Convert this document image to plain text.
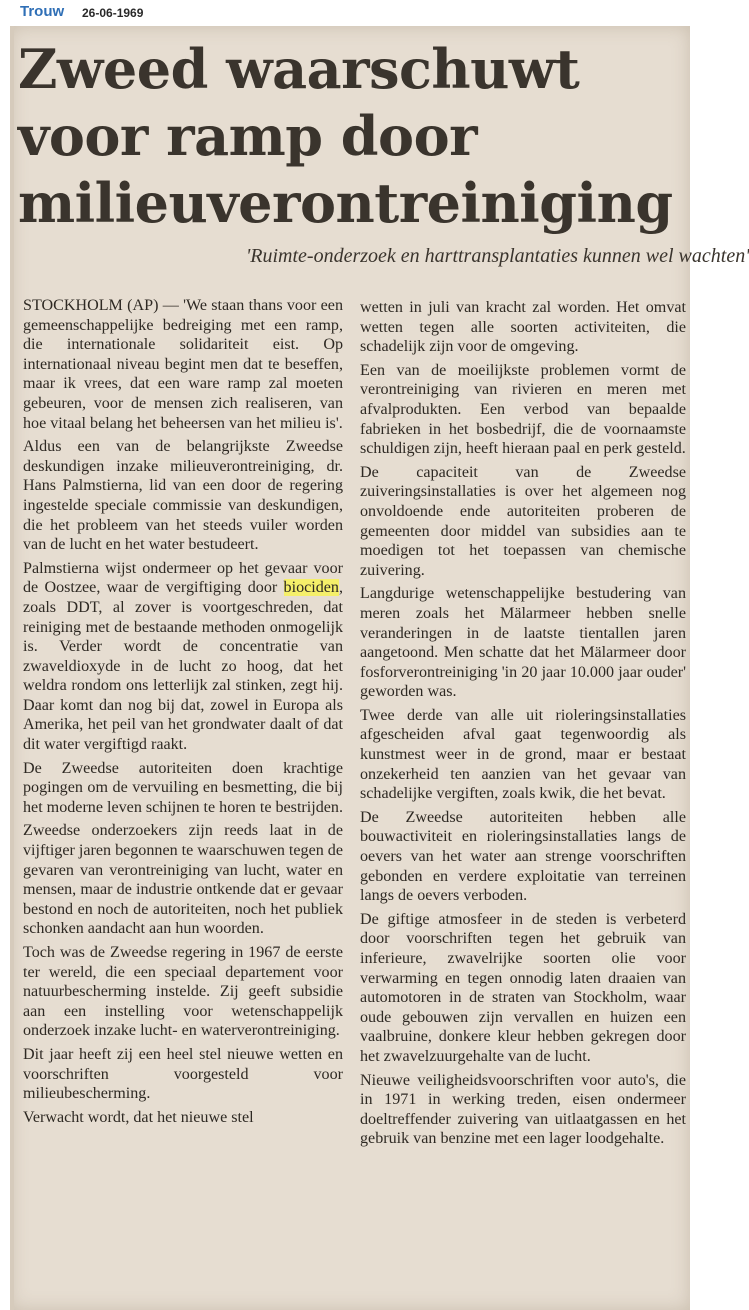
Trouw 26-06-1969
Zweed waarschuwt voor ramp door milieuverontreiniging

'Ruimte-onderzoek en harttransplantaties kunnen wel wachten'

STOCKHOLM (AP) — 'We staan thans voor een gemeenschappelijke bedreiging met een ramp, die internationale solidariteit eist. Op internationaal niveau begint men dat te beseffen, maar ik vrees, dat een ware ramp zal moeten gebeuren, voor de mensen zich realiseren, van hoe vitaal belang het beheersen van het milieu is'.

Aldus een van de belangrijkste Zweedse deskundigen inzake milieuverontreiniging, dr. Hans Palmstierna, lid van een door de regering ingestelde speciale commissie van deskundigen, die het probleem van het steeds vuiler worden van de lucht en het water bestudeert.

Palmstierna wijst ondermeer op het gevaar voor de Oostzee, waar de vergiftiging door biociden, zoals DDT, al zover is voortgeschreden, dat reiniging met de bestaande methoden onmogelijk is. Verder wordt de concentratie van zwaveldioxyde in de lucht zo hoog, dat het weldra rondom ons letterlijk zal stinken, zegt hij. Daar komt dan nog bij dat, zowel in Europa als Amerika, het peil van het grondwater daalt of dat dit water vergiftigd raakt.

De Zweedse autoriteiten doen krachtige pogingen om de vervuiling en besmetting, die bij het moderne leven schijnen te horen te bestrijden.

Zweedse onderzoekers zijn reeds laat in de vijftiger jaren begonnen te waarschuwen tegen de gevaren van verontreiniging van lucht, water en mensen, maar de industrie ontkende dat er gevaar bestond en noch de autoriteiten, noch het publiek schonken aandacht aan hun woorden.

Toch was de Zweedse regering in 1967 de eerste ter wereld, die een speciaal departement voor natuurbescherming instelde. Zij geeft subsidie aan een instelling voor wetenschappelijk onderzoek inzake lucht- en waterverontreiniging.

Dit jaar heeft zij een heel stel nieuwe wetten en voorschriften voorgesteld voor milieubescherming.

Verwacht wordt, dat het nieuwe stel

wetten in juli van kracht zal worden. Het omvat wetten tegen alle soorten activiteiten, die schadelijk zijn voor de omgeving.

Een van de moeilijkste problemen vormt de verontreiniging van rivieren en meren met afvalprodukten. Een verbod van bepaalde fabrieken in het bosbedrijf, die de voornaamste schuldigen zijn, heeft hieraan paal en perk gesteld.

De capaciteit van de Zweedse zuiveringsinstallaties is over het algemeen nog onvoldoende ende autoriteiten proberen de gemeenten door middel van subsidies aan te moedigen tot het toepassen van chemische zuivering.

Langdurige wetenschappelijke bestudering van meren zoals het Mälarmeer hebben snelle veranderingen in de laatste tientallen jaren aangetoond. Men schatte dat het Mälarmeer door fosforverontreiniging 'in 20 jaar 10.000 jaar ouder' geworden was.

Twee derde van alle uit rioleringsinstallaties afgescheiden afval gaat tegenwoordig als kunstmest weer in de grond, maar er bestaat onzekerheid ten aanzien van het gevaar van schadelijke vergiften, zoals kwik, die het bevat.

De Zweedse autoriteiten hebben alle bouwactiviteit en rioleringsinstallaties langs de oevers van het water aan strenge voorschriften gebonden en verdere exploitatie van terreinen langs de oevers verboden.

De giftige atmosfeer in de steden is verbeterd door voorschriften tegen het gebruik van inferieure, zwavelrijke soorten olie voor verwarming en tegen onnodig laten draaien van automotoren in de straten van Stockholm, waar oude gebouwen zijn vervallen en huizen een vaalbruine, donkere kleur hebben gekregen door het zwavelzuurgehalte van de lucht.

Nieuwe veiligheidsvoorschriften voor auto's, die in 1971 in werking treden, eisen ondermeer doeltreffender zuivering van uitlaatgassen en het gebruik van benzine met een lager loodgehalte.
